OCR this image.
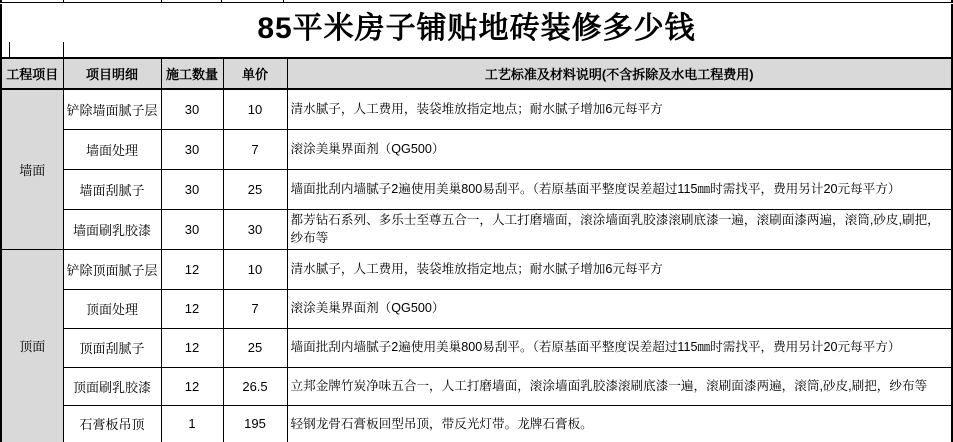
85平米房子铺贴地砖装修多少钱
工程项目	项目明细	施工数量	单价	工艺标准及材料说明(不含拆除及水电工程费用)
墙面	铲除墙面腻子层	30	10	清水腻子，人工费用，装袋堆放指定地点；耐水腻子增加6元每平方
	墙面处理	30	7	滚涂美巢界面剂（QG500）
	墙面刮腻子	30	25	墙面批刮内墙腻子2遍使用美巢800易刮平。（若原基面平整度误差超过115㎜时需找平，费用另计20元每平方）
	墙面刷乳胶漆	30	30	都芳钻石系列、多乐士至尊五合一，人工打磨墙面，滚涂墙面乳胶漆滚刷底漆一遍，滚刷面漆两遍，滚筒,砂皮,刷把，纱布等
顶面	铲除顶面腻子层	12	10	清水腻子，人工费用，装袋堆放指定地点；耐水腻子增加6元每平方
	顶面处理	12	7	滚涂美巢界面剂（QG500）
	顶面刮腻子	12	25	墙面批刮内墙腻子2遍使用美巢800易刮平。（若原基面平整度误差超过115㎜时需找平，费用另计20元每平方）
	顶面刷乳胶漆	12	26.5	立邦金牌竹炭净味五合一，人工打磨墙面，滚涂墙面乳胶漆滚刷底漆一遍，滚刷面漆两遍，滚筒,砂皮,刷把，纱布等
	石膏板吊顶	1	195	轻钢龙骨石膏板回型吊顶，带反光灯带。龙牌石膏板。
